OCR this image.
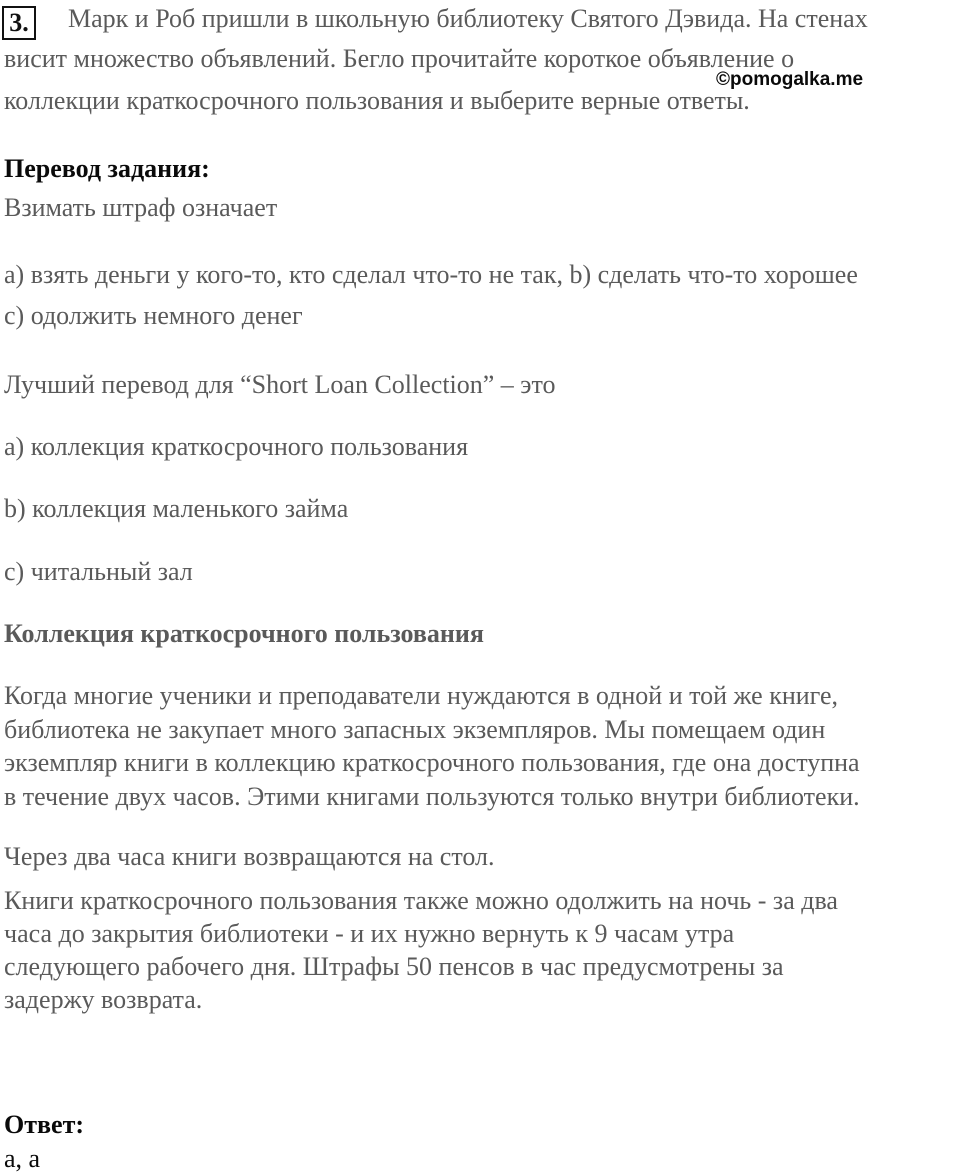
3. Марк и Роб пришли в школьную библиотеку Святого Дэвида. На стенах
висит множество объявлений. Бегло прочитайте короткое объявление о
коллекции краткосрочного пользования и выберите верные ответы.
©pomogalka.me
Перевод задания:
Взимать штраф означает
a) взять деньги у кого-то, кто сделал что-то не так, b) сделать что-то хорошее
c) одолжить немного денег
Лучший перевод для “Short Loan Collection” – это
a) коллекция краткосрочного пользования
b) коллекция маленького займа
c) читальный зал
Коллекция краткосрочного пользования
Когда многие ученики и преподаватели нуждаются в одной и той же книге,
библиотека не закупает много запасных экземпляров. Мы помещаем один
экземпляр книги в коллекцию краткосрочного пользования, где она доступна
в течение двух часов. Этими книгами пользуются только внутри библиотеки.
Через два часа книги возвращаются на стол.
Книги краткосрочного пользования также можно одолжить на ночь - за два
часа до закрытия библиотеки - и их нужно вернуть к 9 часам утра
следующего рабочего дня. Штрафы 50 пенсов в час предусмотрены за
задержу возврата.
Ответ:
a, a
